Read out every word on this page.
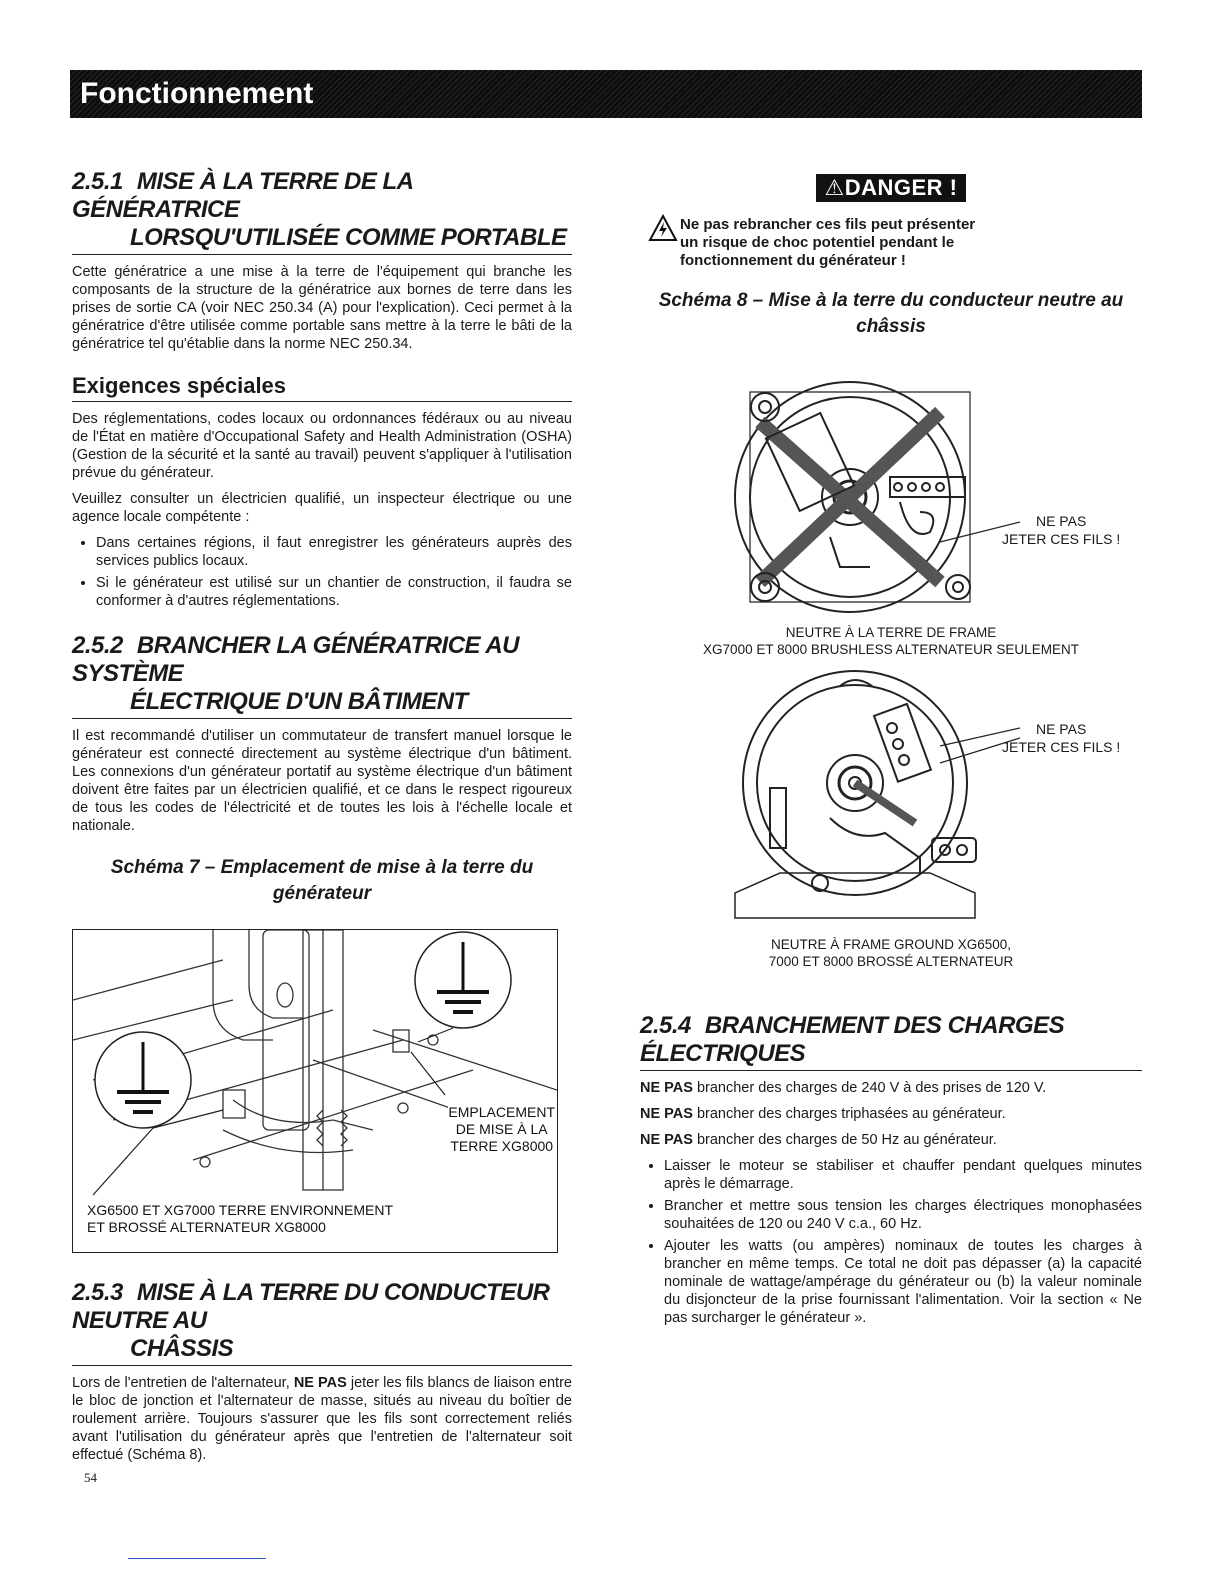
Fonctionnement
2.5.1 MISE À LA TERRE DE LA GÉNÉRATRICE
LORSQU'UTILISÉE COMME PORTABLE

Cette génératrice a une mise à la terre de l'équipement qui branche les composants de la structure de la génératrice aux bornes de terre dans les prises de sortie CA (voir NEC 250.34 (A) pour l'explication). Ceci permet à la génératrice d'être utilisée comme portable sans mettre à la terre le bâti de la génératrice tel qu'établie dans la norme NEC 250.34.

Exigences spéciales

Des réglementations, codes locaux ou ordonnances fédéraux ou au niveau de l'État en matière d'Occupational Safety and Health Administration (OSHA) (Gestion de la sécurité et la santé au travail) peuvent s'appliquer à l'utilisation prévue du générateur.

Veuillez consulter un électricien qualifié, un inspecteur électrique ou une agence locale compétente :

• Dans certaines régions, il faut enregistrer les générateurs auprès des services publics locaux.
• Si le générateur est utilisé sur un chantier de construction, il faudra se conformer à d'autres réglementations.
2.5.2 BRANCHER LA GÉNÉRATRICE AU SYSTÈME
ÉLECTRIQUE D'UN BÂTIMENT

Il est recommandé d'utiliser un commutateur de transfert manuel lorsque le générateur est connecté directement au système électrique d'un bâtiment. Les connexions d'un générateur portatif au système électrique d'un bâtiment doivent être faites par un électricien qualifié, et ce dans le respect rigoureux de tous les codes de l'électricité et de toutes les lois à l'échelle locale et nationale.

Schéma 7 – Emplacement de mise à la terre du
générateur
EMPLACEMENT
DE MISE À LA
TERRE XG8000
XG6500 ET XG7000 TERRE ENVIRONNEMENT
ET BROSSÉ ALTERNATEUR XG8000
2.5.3 MISE À LA TERRE DU CONDUCTEUR NEUTRE AU
CHÂSSIS

Lors de l'entretien de l'alternateur, NE PAS jeter les fils blancs de liaison entre le bloc de jonction et l'alternateur de masse, situés au niveau du boîtier de roulement arrière. Toujours s'assurer que les fils sont correctement reliés avant l'utilisation du générateur après que l'entretien de l'alternateur soit effectué (Schéma 8).

⚠DANGER !
Ne pas rebrancher ces fils peut présenter
un risque de choc potentiel pendant le
fonctionnement du générateur !
Schéma 8 – Mise à la terre du conducteur neutre au
châssis
NE PAS
JETER CES FILS !
NEUTRE À LA TERRE DE FRAME
XG7000 ET 8000 BRUSHLESS ALTERNATEUR SEULEMENT
NE PAS
JETER CES FILS !
NEUTRE À FRAME GROUND XG6500,
7000 ET 8000 BROSSÉ ALTERNATEUR
2.5.4 BRANCHEMENT DES CHARGES ÉLECTRIQUES

NE PAS brancher des charges de 240 V à des prises de 120 V.

NE PAS brancher des charges triphasées au générateur.

NE PAS brancher des charges de 50 Hz au générateur.

• Laisser le moteur se stabiliser et chauffer pendant quelques minutes après le démarrage.
• Brancher et mettre sous tension les charges électriques monophasées souhaitées de 120 ou 240 V c.a., 60 Hz.
• Ajouter les watts (ou ampères) nominaux de toutes les charges à brancher en même temps. Ce total ne doit pas dépasser (a) la capacité nominale de wattage/ampérage du générateur ou (b) la valeur nominale du disjoncteur de la prise fournissant l'alimentation. Voir la section « Ne pas surcharger le générateur ».
54
